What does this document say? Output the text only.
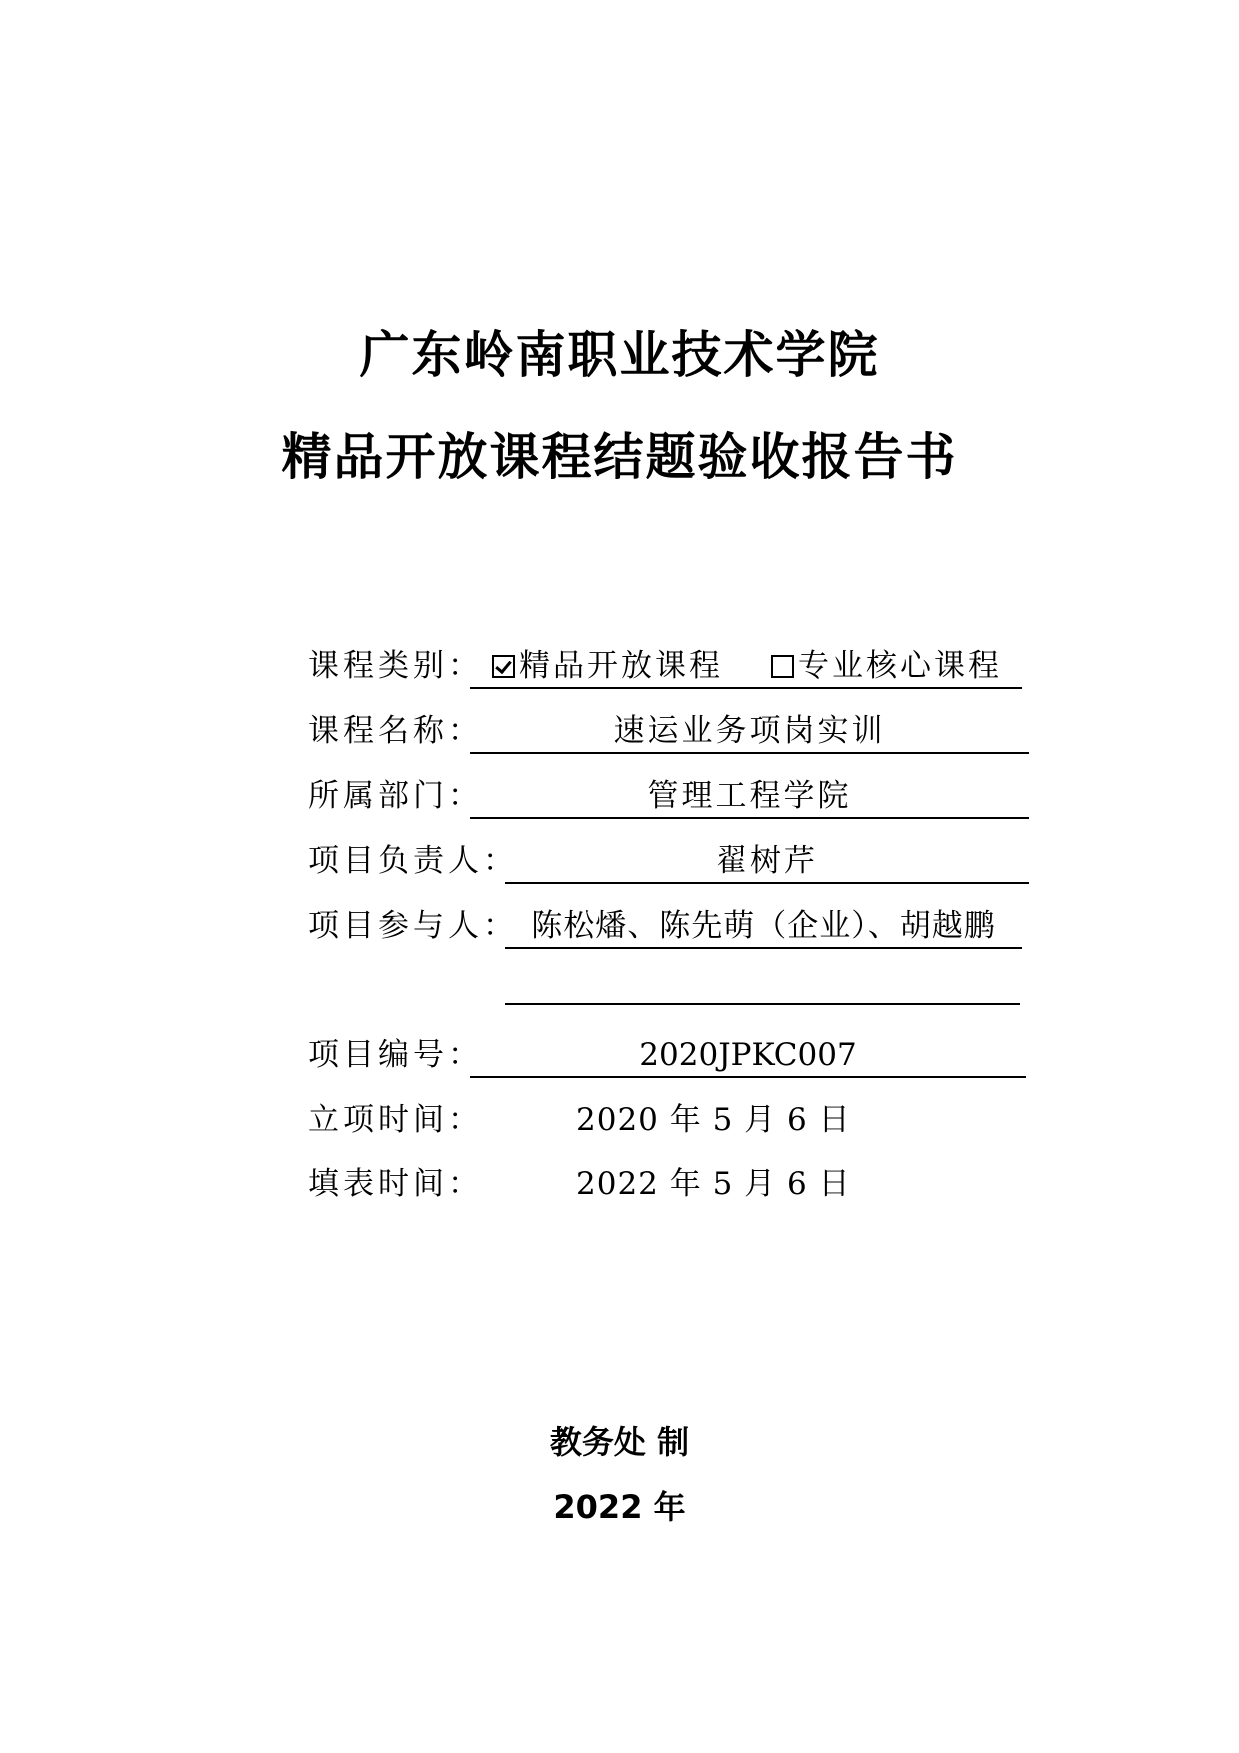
广东岭南职业技术学院
精品开放课程结题验收报告书
课程类别：	精品开放课程 专业核心课程
课程名称：	速运业务项岗实训
所属部门：	管理工程学院
项目负责人：	翟树芹
项目参与人： 陈松燔、陈先萌（企业）、胡越鹏
项目编号：	2020JPKC007
立项时间：	2020 年 5 月 6 日
填表时间：	2022 年 5 月 6 日
教务处 制
2022 年
